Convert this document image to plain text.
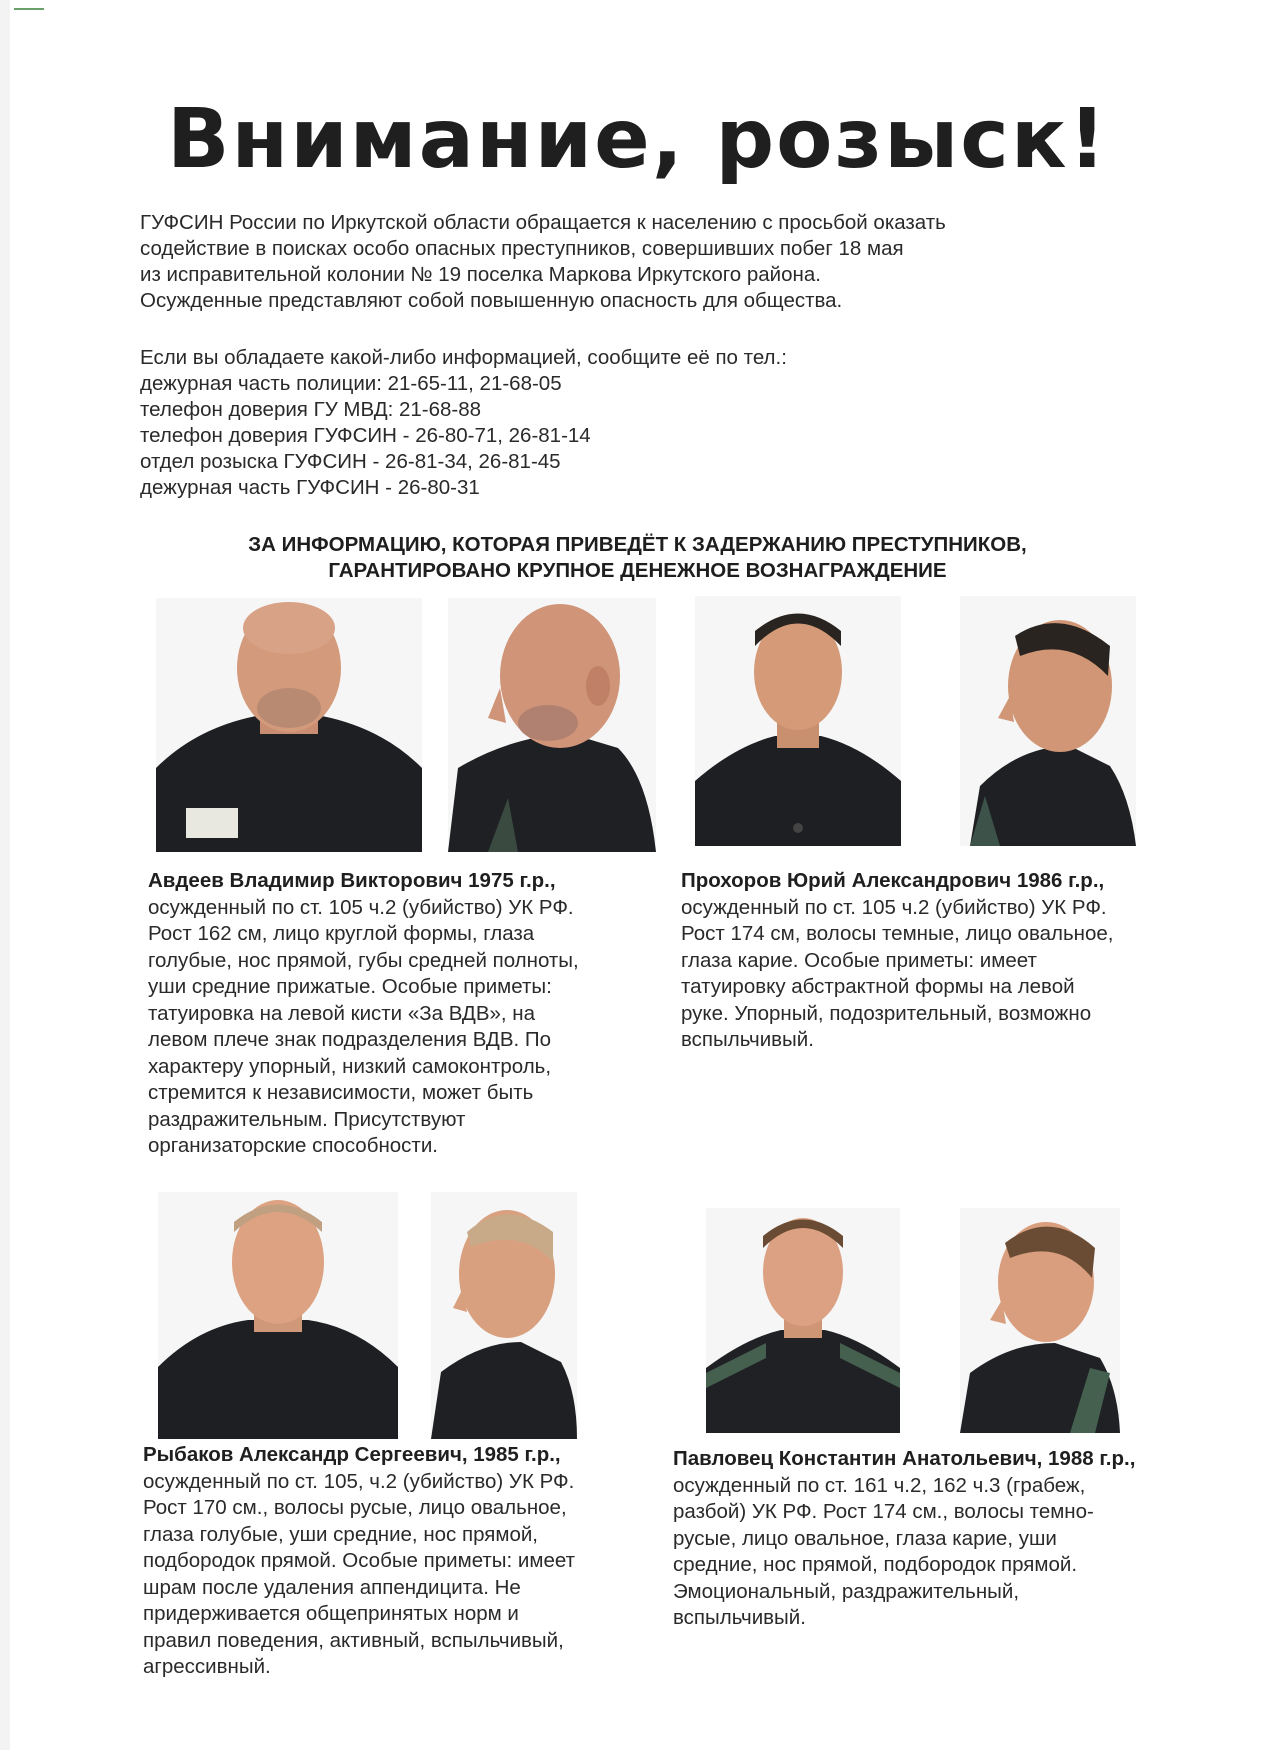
Внимание, розыск!
ГУФСИН России по Иркутской области обращается к населению с просьбой оказать
содействие в поисках особо опасных преступников, совершивших побег 18 мая
из исправительной колонии № 19 поселка Маркова Иркутского района.
Осужденные представляют собой повышенную опасность для общества.
Если вы обладаете какой-либо информацией, сообщите её по тел.:
дежурная часть полиции: 21-65-11, 21-68-05
телефон доверия ГУ МВД: 21-68-88
телефон доверия ГУФСИН - 26-80-71, 26-81-14
отдел розыска ГУФСИН - 26-81-34, 26-81-45
дежурная часть ГУФСИН - 26-80-31
ЗА ИНФОРМАЦИЮ, КОТОРАЯ ПРИВЕДЁТ К ЗАДЕРЖАНИЮ ПРЕСТУПНИКОВ,
ГАРАНТИРОВАНО КРУПНОЕ ДЕНЕЖНОЕ ВОЗНАГРАЖДЕНИЕ
Авдеев Владимир Викторович 1975 г.р.,
осужденный по ст. 105 ч.2 (убийство) УК РФ.
Рост 162 см, лицо круглой формы, глаза
голубые, нос прямой, губы средней полноты,
уши средние прижатые. Особые приметы:
татуировка на левой кисти «За ВДВ», на
левом плече знак подразделения ВДВ. По
характеру упорный, низкий самоконтроль,
стремится к независимости, может быть
раздражительным. Присутствуют
организаторские способности.
Прохоров Юрий Александрович 1986 г.р.,
осужденный по ст. 105 ч.2 (убийство) УК РФ.
Рост 174 см, волосы темные, лицо овальное,
глаза карие. Особые приметы: имеет
татуировку абстрактной формы на левой
руке. Упорный, подозрительный, возможно
вспыльчивый.
Рыбаков Александр Сергеевич, 1985 г.р.,
осужденный по ст. 105, ч.2 (убийство) УК РФ.
Рост 170 см., волосы русые, лицо овальное,
глаза голубые, уши средние, нос прямой,
подбородок прямой. Особые приметы: имеет
шрам после удаления аппендицита. Не
придерживается общепринятых норм и
правил поведения, активный, вспыльчивый,
агрессивный.
Павловец Константин Анатольевич, 1988 г.р.,
осужденный по ст. 161 ч.2, 162 ч.3 (грабеж,
разбой) УК РФ. Рост 174 см., волосы темно-
русые, лицо овальное, глаза карие, уши
средние, нос прямой, подбородок прямой.
Эмоциональный, раздражительный,
вспыльчивый.
